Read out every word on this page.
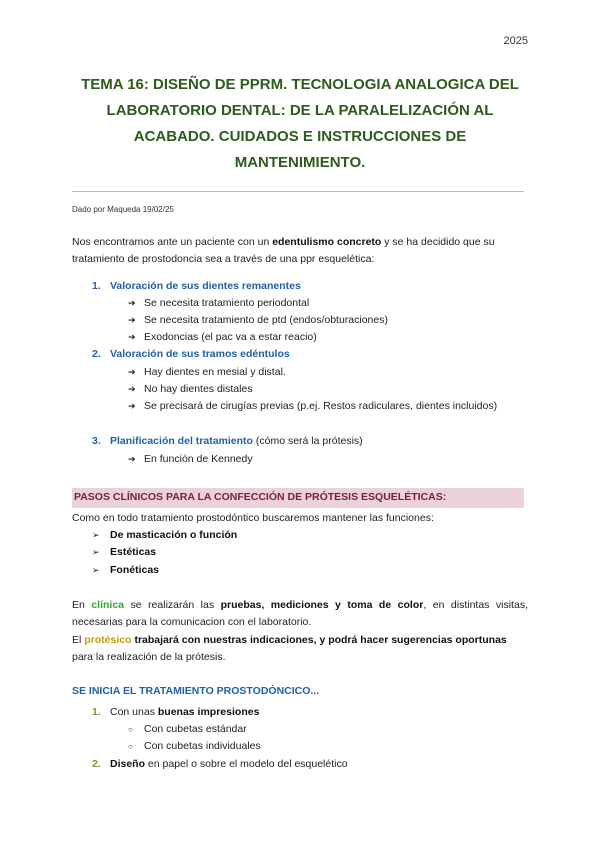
2025
TEMA 16: DISEÑO DE PPRM. TECNOLOGIA ANALOGICA DEL LABORATORIO DENTAL: DE LA PARALELIZACIÓN AL ACABADO. CUIDADOS E INSTRUCCIONES DE MANTENIMIENTO.
Dado por Maqueda 19/02/25

Nos encontramos ante un paciente con un edentulismo concreto y se ha decidido que su tratamiento de prostodoncia sea a través de una ppr esquelética:

1. Valoración de sus dientes remanentes
➔ Se necesita tratamiento periodontal
➔ Se necesita tratamiento de ptd (endos/obturaciones)
➔ Exodoncias (el pac va a estar reacio)
2. Valoración de sus tramos edéntulos
➔ Hay dientes en mesial y distal.
➔ No hay dientes distales
➔ Se precisará de cirugías previas (p.ej. Restos radiculares, dientes incluidos)
3. Planificación del tratamiento (cómo será la prótesis)
➔ En función de Kennedy
PASOS CLÍNICOS PARA LA CONFECCIÓN DE PRÓTESIS ESQUELÉTICAS:

Como en todo tratamiento prostodóntico buscaremos mantener las funciones:

➢ De masticación o función
➢ Estéticas
➢ Fonéticas

En clínica se realizarán las pruebas, mediciones y toma de color, en distintas visitas, necesarias para la comunicacion con el laboratorio.

El protésico trabajará con nuestras indicaciones, y podrá hacer sugerencias oportunas para la realización de la prótesis.

SE INICIA EL TRATAMIENTO PROSTODÓNCICO...
1. Con unas buenas impresiones
○ Con cubetas estándar
○ Con cubetas individuales
2. Diseño en papel o sobre el modelo del esquelético
